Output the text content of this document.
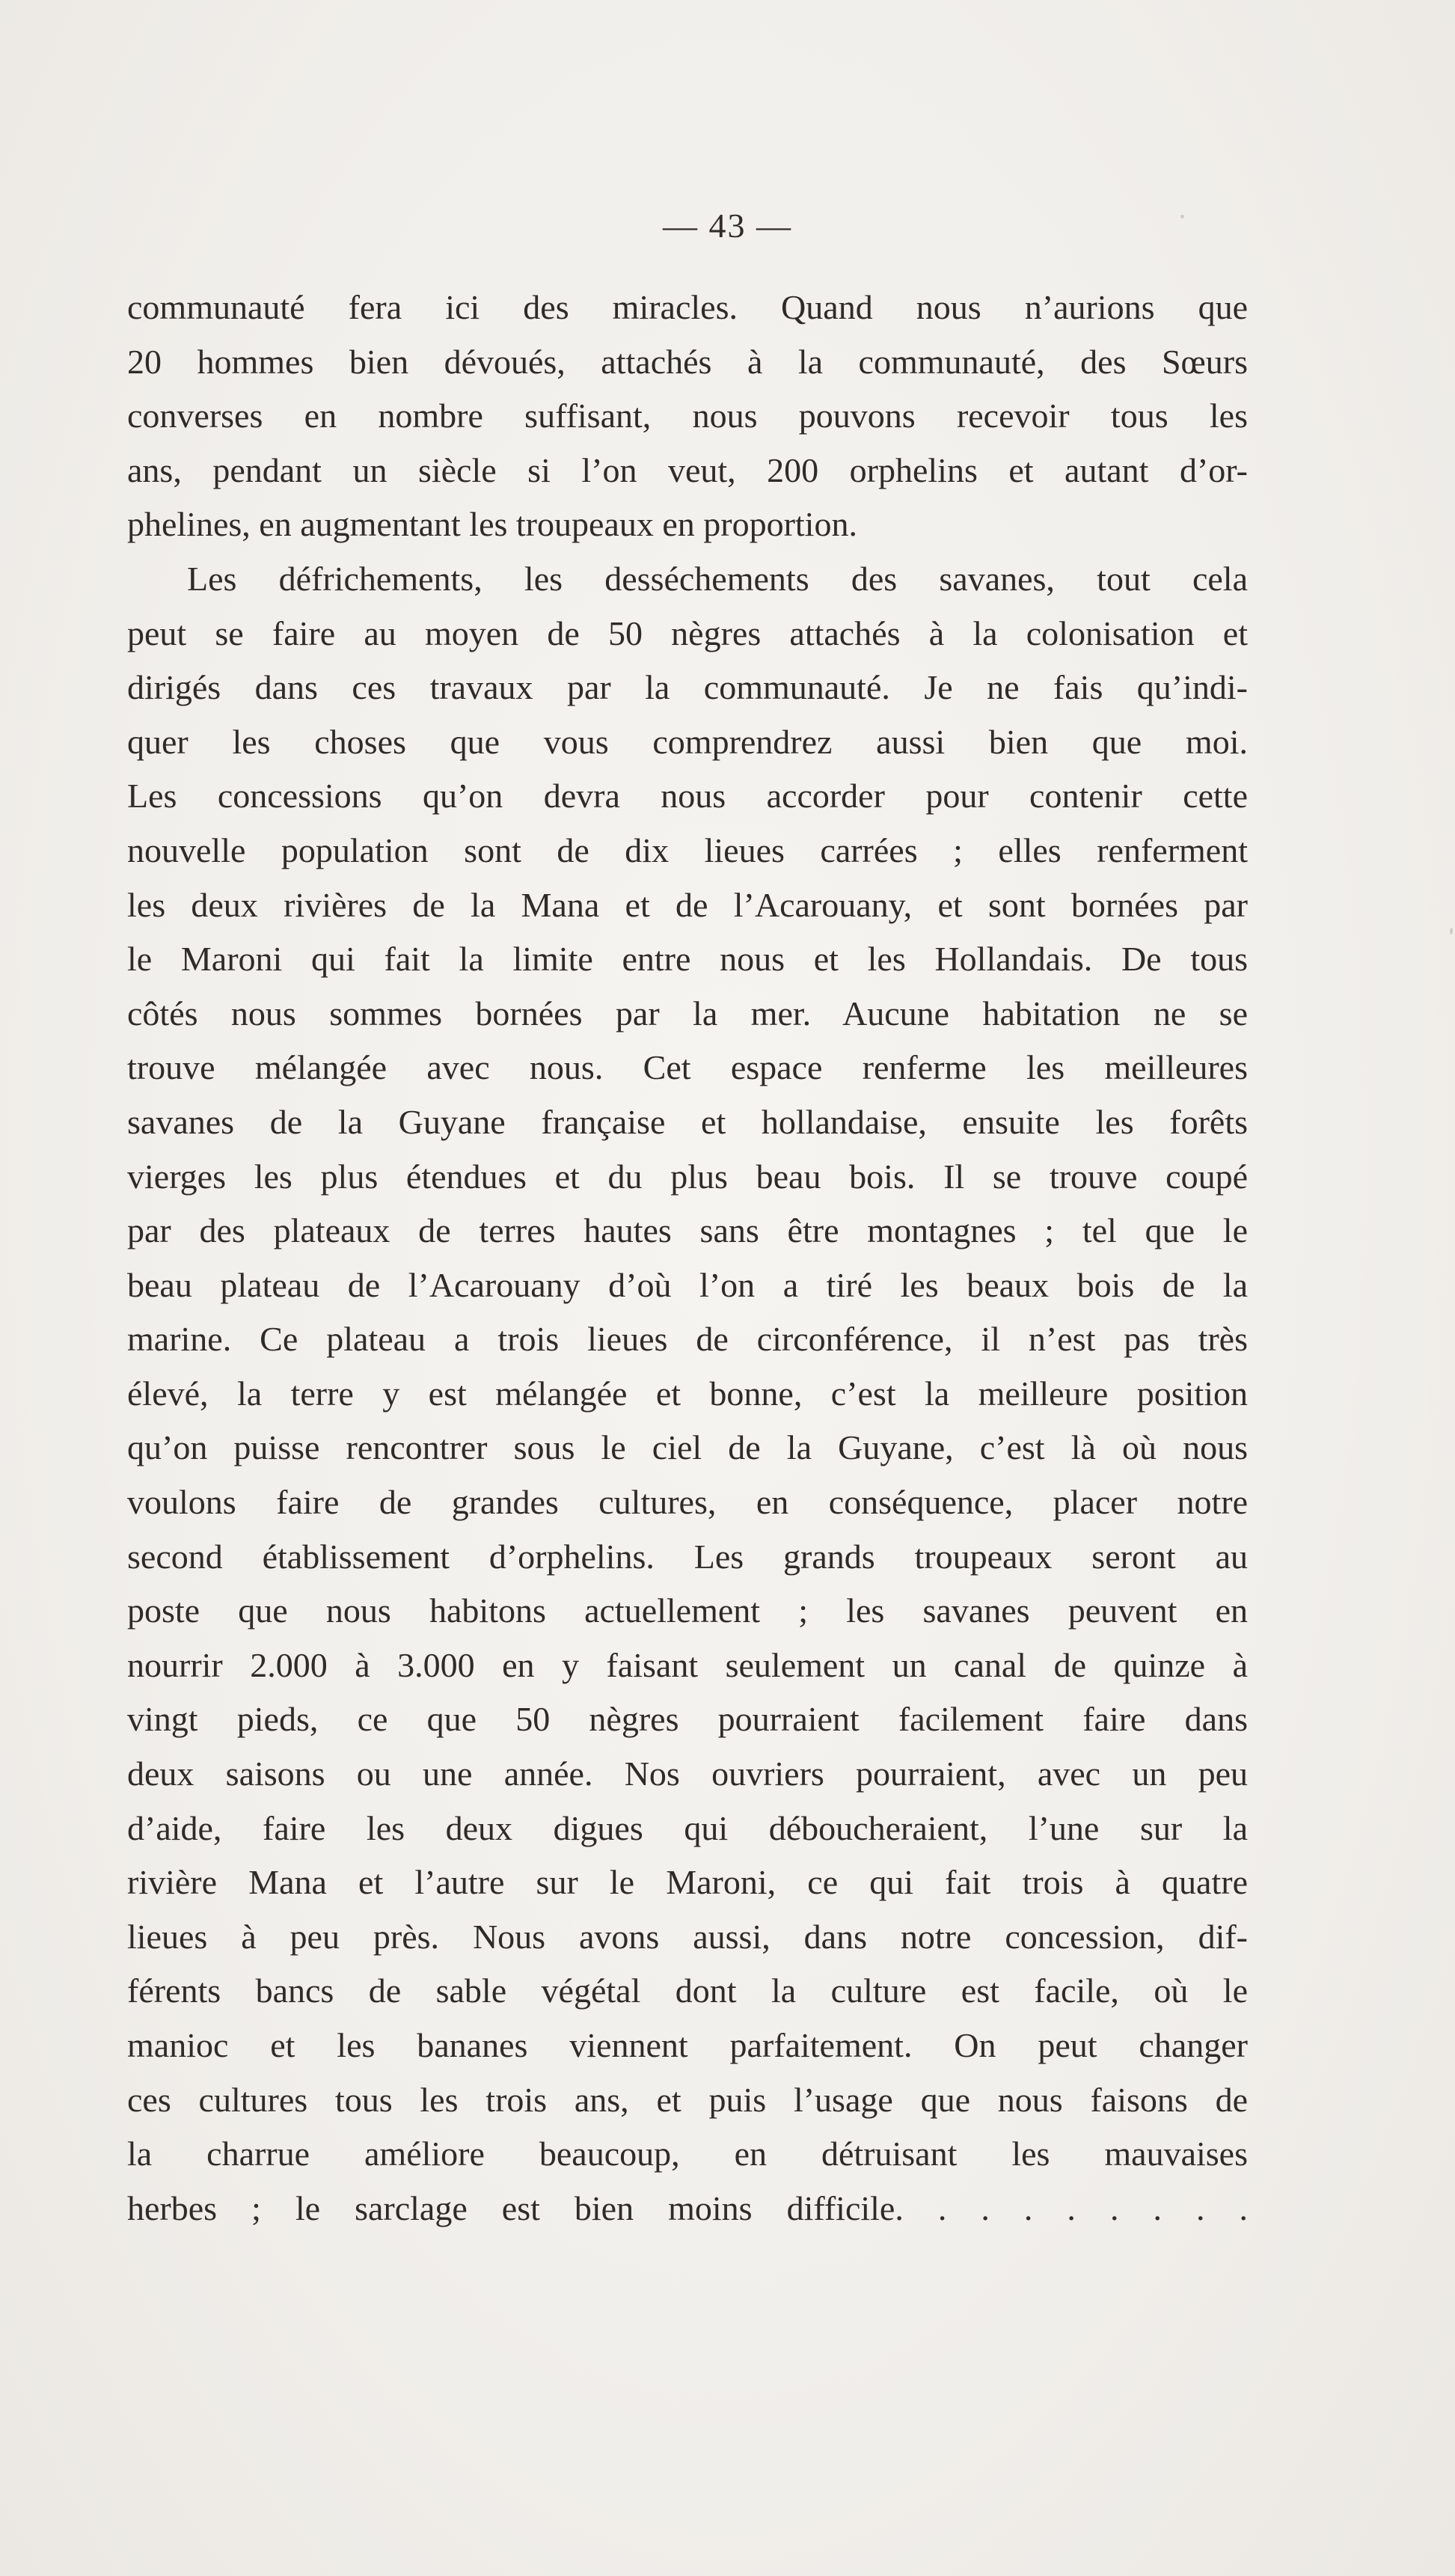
— 43 —
communauté fera ici des miracles. Quand nous n’aurions que
20 hommes bien dévoués, attachés à la communauté, des Sœurs
converses en nombre suffisant, nous pouvons recevoir tous les
ans, pendant un siècle si l’on veut, 200 orphelins et autant d’or-
phelines, en augmentant les troupeaux en proportion.
Les défrichements, les desséchements des savanes, tout cela
peut se faire au moyen de 50 nègres attachés à la colonisation et
dirigés dans ces travaux par la communauté. Je ne fais qu’indi-
quer les choses que vous comprendrez aussi bien que moi.
Les concessions qu’on devra nous accorder pour contenir cette
nouvelle population sont de dix lieues carrées ; elles renferment
les deux rivières de la Mana et de l’Acarouany, et sont bornées par
le Maroni qui fait la limite entre nous et les Hollandais. De tous
côtés nous sommes bornées par la mer. Aucune habitation ne se
trouve mélangée avec nous. Cet espace renferme les meilleures
savanes de la Guyane française et hollandaise, ensuite les forêts
vierges les plus étendues et du plus beau bois. Il se trouve coupé
par des plateaux de terres hautes sans être montagnes ; tel que le
beau plateau de l’Acarouany d’où l’on a tiré les beaux bois de la
marine. Ce plateau a trois lieues de circonférence, il n’est pas très
élevé, la terre y est mélangée et bonne, c’est la meilleure position
qu’on puisse rencontrer sous le ciel de la Guyane, c’est là où nous
voulons faire de grandes cultures, en conséquence, placer notre
second établissement d’orphelins. Les grands troupeaux seront au
poste que nous habitons actuellement ; les savanes peuvent en
nourrir 2.000 à 3.000 en y faisant seulement un canal de quinze à
vingt pieds, ce que 50 nègres pourraient facilement faire dans
deux saisons ou une année. Nos ouvriers pourraient, avec un peu
d’aide, faire les deux digues qui déboucheraient, l’une sur la
rivière Mana et l’autre sur le Maroni, ce qui fait trois à quatre
lieues à peu près. Nous avons aussi, dans notre concession, dif-
férents bancs de sable végétal dont la culture est facile, où le
manioc et les bananes viennent parfaitement. On peut changer
ces cultures tous les trois ans, et puis l’usage que nous faisons de
la charrue améliore beaucoup, en détruisant les mauvaises
herbes ; le sarclage est bien moins difficile. . . . . . . . .
